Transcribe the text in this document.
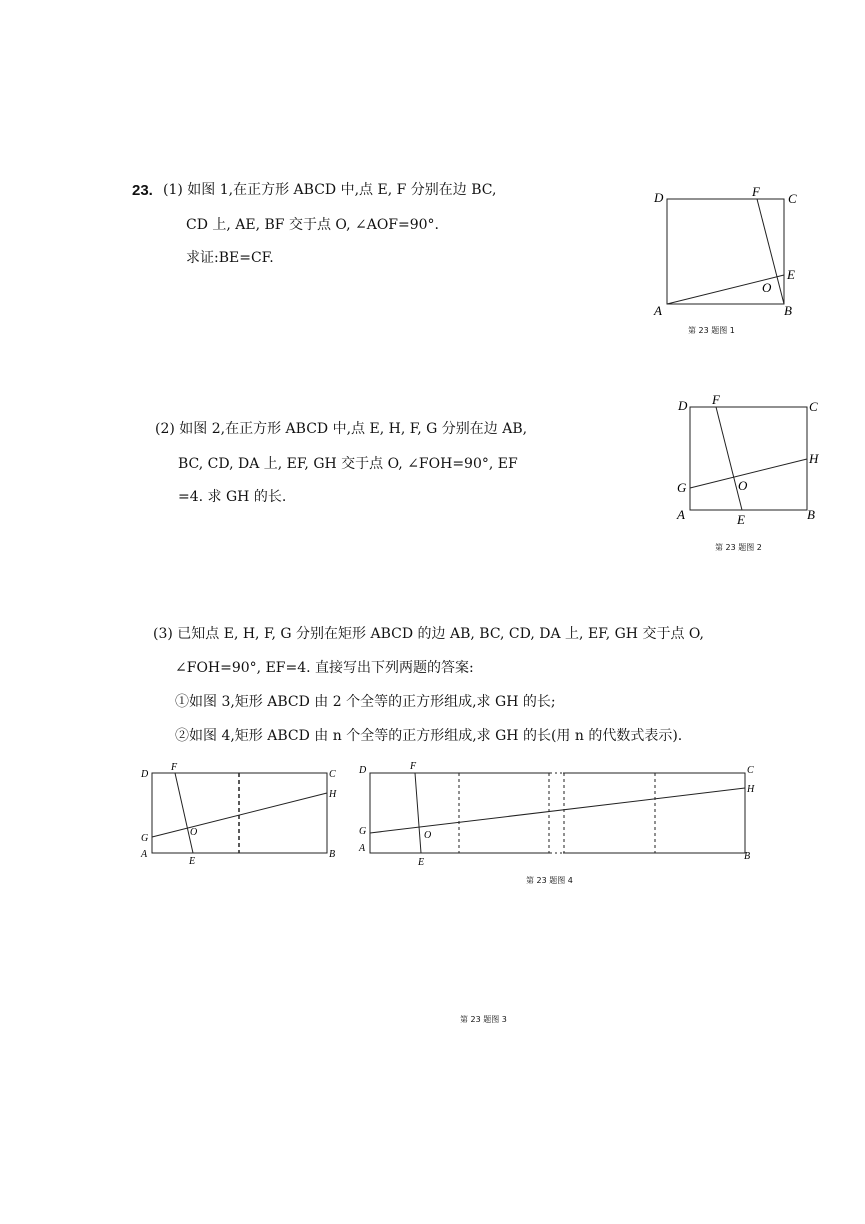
23. (1) 如图 1,在正方形 ABCD 中,点 E, F 分别在边 BC,
CD 上, AE, BF 交于点 O, ∠AOF=90°.
求证:BE=CF.
(2) 如图 2,在正方形 ABCD 中,点 E, H, F, G 分别在边 AB,
BC, CD, DA 上, EF, GH 交于点 O, ∠FOH=90°, EF
=4. 求 GH 的长.
(3) 已知点 E, H, F, G 分别在矩形 ABCD 的边 AB, BC, CD, DA 上, EF, GH 交于点 O,
∠FOH=90°, EF=4. 直接写出下列两题的答案:
①如图 3,矩形 ABCD 由 2 个全等的正方形组成,求 GH 的长;
②如图 4,矩形 ABCD 由 n 个全等的正方形组成,求 GH 的长(用 n 的代数式表示).
D	F C
E
O
A	B
第 23 题图 1
D F	C
H
G	O
A	E	B
第 23 题图 2
D
F
C
H
G
O
A
E
B
D	F	C
H
G	O
A
E
B
第 23 题图 4
第 23 题图 3
